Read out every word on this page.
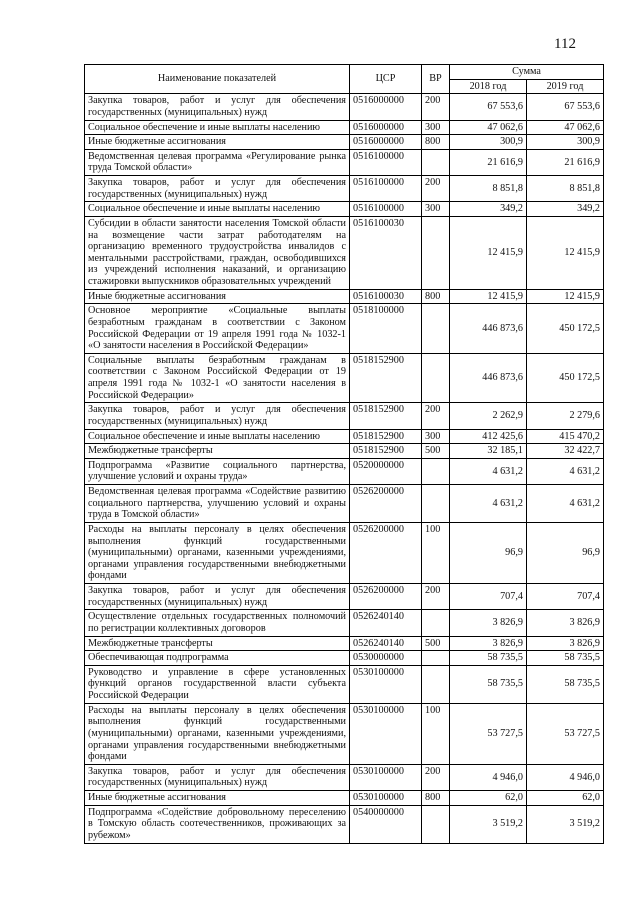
112
Наименование показателей	ЦСР	ВР	Сумма	
			2018 год	2019 год
Закупка товаров, работ и услуг для обеспечения государственных (муниципальных) нужд	0516000000	200	67 553,6	67 553,6
Социальное обеспечение и иные выплаты населению	0516000000	300	47 062,6	47 062,6
Иные бюджетные ассигнования	0516000000	800	300,9	300,9
Ведомственная целевая программа «Регулирование рынка труда Томской области»	0516100000		21 616,9	21 616,9
Закупка товаров, работ и услуг для обеспечения государственных (муниципальных) нужд	0516100000	200	8 851,8	8 851,8
Социальное обеспечение и иные выплаты населению	0516100000	300	349,2	349,2
Субсидии в области занятости населения Томской области на возмещение части затрат работодателям на организацию временного трудоустройства инвалидов с ментальными расстройствами, граждан, освободившихся из учреждений исполнения наказаний, и организацию стажировки выпускников образовательных учреждений	0516100030		12 415,9	12 415,9
Иные бюджетные ассигнования	0516100030	800	12 415,9	12 415,9
Основное мероприятие «Социальные выплаты безработным гражданам в соответствии с Законом Российской Федерации от 19 апреля 1991 года № 1032-1 «О занятости населения в Российской Федерации»	0518100000		446 873,6	450 172,5
Социальные выплаты безработным гражданам в соответствии с Законом Российской Федерации от 19 апреля 1991 года № 1032-1 «О занятости населения в Российской Федерации»	0518152900		446 873,6	450 172,5
Закупка товаров, работ и услуг для обеспечения государственных (муниципальных) нужд	0518152900	200	2 262,9	2 279,6
Социальное обеспечение и иные выплаты населению	0518152900	300	412 425,6	415 470,2
Межбюджетные трансферты	0518152900	500	32 185,1	32 422,7
Подпрограмма «Развитие социального партнерства, улучшение условий и охраны труда»	0520000000		4 631,2	4 631,2
Ведомственная целевая программа «Содействие развитию социального партнерства, улучшению условий и охраны труда в Томской области»	0526200000		4 631,2	4 631,2
Расходы на выплаты персоналу в целях обеспечения выполнения функций государственными (муниципальными) органами, казенными учреждениями, органами управления государственными внебюджетными фондами	0526200000	100	96,9	96,9
Закупка товаров, работ и услуг для обеспечения государственных (муниципальных) нужд	0526200000	200	707,4	707,4
Осуществление отдельных государственных полномочий по регистрации коллективных договоров	0526240140		3 826,9	3 826,9
Межбюджетные трансферты	0526240140	500	3 826,9	3 826,9
Обеспечивающая подпрограмма	0530000000		58 735,5	58 735,5
Руководство и управление в сфере установленных функций органов государственной власти субъекта Российской Федерации	0530100000		58 735,5	58 735,5
Расходы на выплаты персоналу в целях обеспечения выполнения функций государственными (муниципальными) органами, казенными учреждениями, органами управления государственными внебюджетными фондами	0530100000	100	53 727,5	53 727,5
Закупка товаров, работ и услуг для обеспечения государственных (муниципальных) нужд	0530100000	200	4 946,0	4 946,0
Иные бюджетные ассигнования	0530100000	800	62,0	62,0
Подпрограмма «Содействие добровольному переселению в Томскую область соотечественников, проживающих за рубежом»	0540000000		3 519,2	3 519,2
